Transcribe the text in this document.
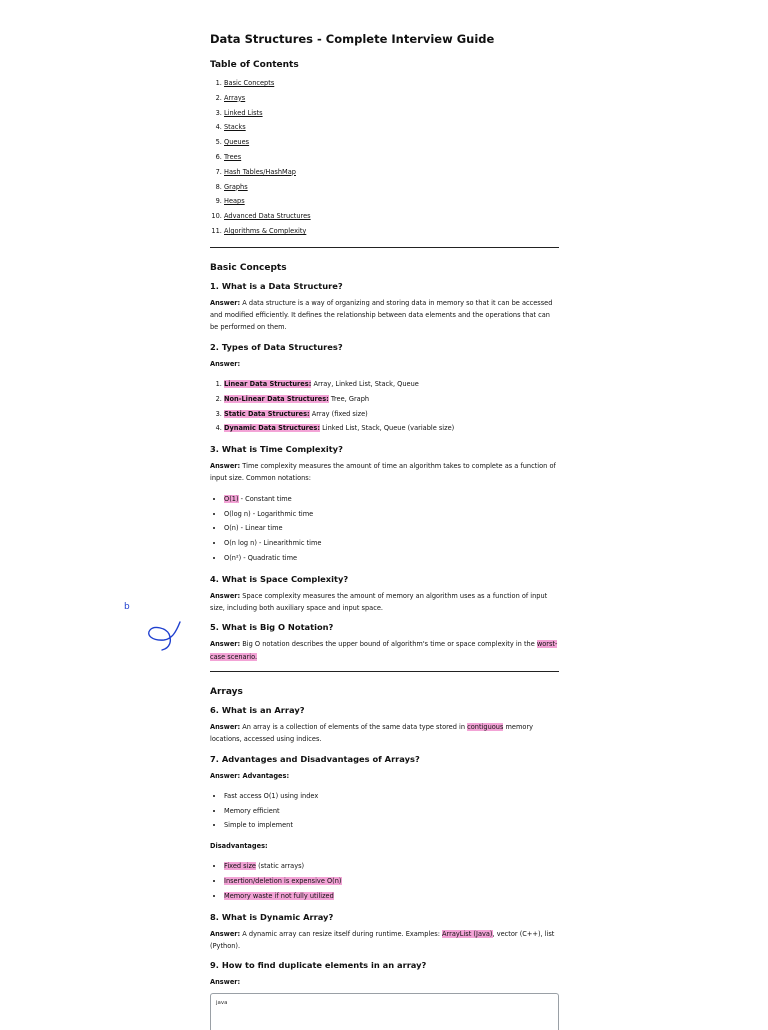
Data Structures - Complete Interview Guide
Table of Contents
1. Basic Concepts
2. Arrays
3. Linked Lists
4. Stacks
5. Queues
6. Trees
7. Hash Tables/HashMap
8. Graphs
9. Heaps
10. Advanced Data Structures
11. Algorithms & Complexity
Basic Concepts
1. What is a Data Structure?

Answer: A data structure is a way of organizing and storing data in memory so that it can be accessed and modified efficiently. It defines the relationship between data elements and the operations that can be performed on them.

2. Types of Data Structures?

Answer:

1. Linear Data Structures: Array, Linked List, Stack, Queue
2. Non-Linear Data Structures: Tree, Graph
3. Static Data Structures: Array (fixed size)
4. Dynamic Data Structures: Linked List, Stack, Queue (variable size)
3. What is Time Complexity?

Answer: Time complexity measures the amount of time an algorithm takes to complete as a function of input size. Common notations:

• O(1) - Constant time
• O(log n) - Logarithmic time
• O(n) - Linear time
• O(n log n) - Linearithmic time
• O(n²) - Quadratic time
4. What is Space Complexity?

Answer: Space complexity measures the amount of memory an algorithm uses as a function of input size, including both auxiliary space and input space.

5. What is Big O Notation?

Answer: Big O notation describes the upper bound of algorithm's time or space complexity in the worst-case scenario.

Arrays
6. What is an Array?

Answer: An array is a collection of elements of the same data type stored in contiguous memory locations, accessed using indices.

7. Advantages and Disadvantages of Arrays?

Answer: Advantages:

• Fast access O(1) using index
• Memory efficient
• Simple to implement

Disadvantages:

• Fixed size (static arrays)
• Insertion/deletion is expensive O(n)
• Memory waste if not fully utilized
8. What is Dynamic Array?

Answer: A dynamic array can resize itself during runtime. Examples: ArrayList (Java), vector (C++), list (Python).

9. How to find duplicate elements in an array?

Answer:

java
b
